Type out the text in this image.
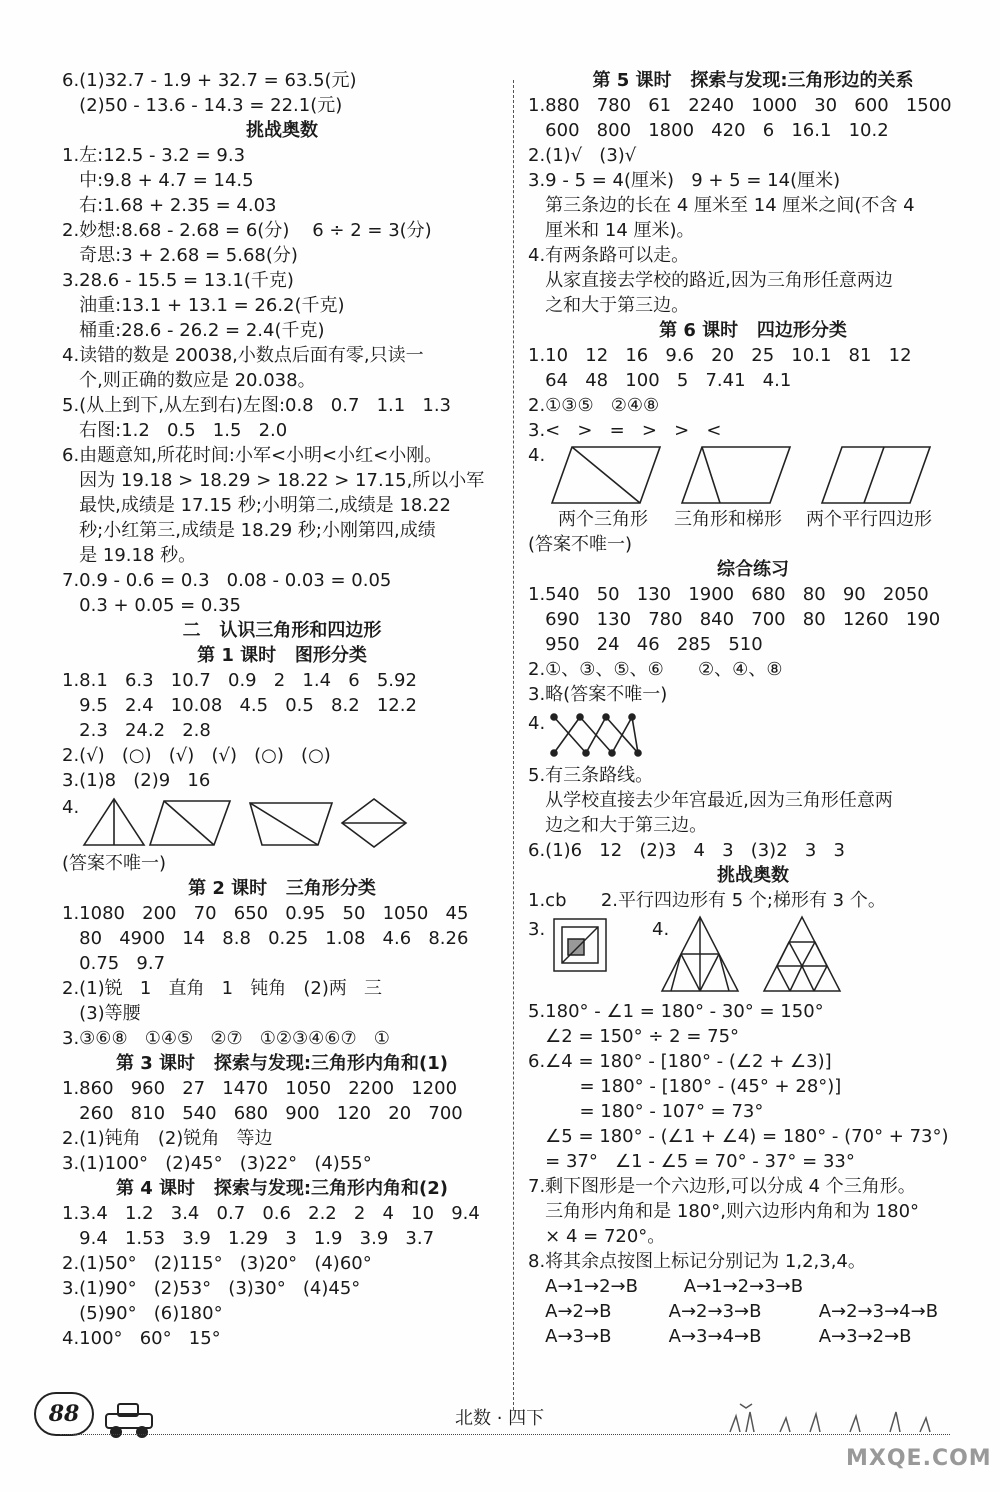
6.(1)32.7 - 1.9 + 32.7 = 63.5(元)
(2)50 - 13.6 - 14.3 = 22.1(元)
挑战奥数
1.左:12.5 - 3.2 = 9.3
中:9.8 + 4.7 = 14.5
右:1.68 + 2.35 = 4.03
2.妙想:8.68 - 2.68 = 6(分)    6 ÷ 2 = 3(分)
奇思:3 + 2.68 = 5.68(分)
3.28.6 - 15.5 = 13.1(千克)
油重:13.1 + 13.1 = 26.2(千克)
桶重:28.6 - 26.2 = 2.4(千克)
4.读错的数是 20038,小数点后面有零,只读一
个,则正确的数应是 20.038。
5.(从上到下,从左到右)左图:0.8   0.7   1.1   1.3
右图:1.2   0.5   1.5   2.0
6.由题意知,所花时间:小军<小明<小红<小刚。
因为 19.18 > 18.29 > 18.22 > 17.15,所以小军
最快,成绩是 17.15 秒;小明第二,成绩是 18.22
秒;小红第三,成绩是 18.29 秒;小刚第四,成绩
是 19.18 秒。
7.0.9 - 0.6 = 0.3   0.08 - 0.03 = 0.05
0.3 + 0.05 = 0.35
二   认识三角形和四边形
第 1 课时   图形分类
1.8.1   6.3   10.7   0.9   2   1.4   6   5.92
9.5   2.4   10.08   4.5   0.5   8.2   12.2
2.3   24.2   2.8
2.(√)   (○)   (√)   (√)   (○)   (○)
3.(1)8   (2)9   16
4.
(答案不唯一)
第 2 课时   三角形分类
1.1080   200   70   650   0.95   50   1050   45
80   4900   14   8.8   0.25   1.08   4.6   8.26
0.75   9.7
2.(1)锐   1   直角   1   钝角   (2)两   三
(3)等腰
3.③⑥⑧   ①④⑤   ②⑦   ①②③④⑥⑦   ①
第 3 课时   探索与发现:三角形内角和(1)
1.860   960   27   1470   1050   2200   1200
260   810   540   680   900   120   20   700
2.(1)钝角   (2)锐角   等边
3.(1)100°   (2)45°   (3)22°   (4)55°
第 4 课时   探索与发现:三角形内角和(2)
1.3.4   1.2   3.4   0.7   0.6   2.2   2   4   10   9.4
9.4   1.53   3.9   1.29   3   1.9   3.9   3.7
2.(1)50°   (2)115°   (3)20°   (4)60°
3.(1)90°   (2)53°   (3)30°   (4)45°
(5)90°   (6)180°
4.100°   60°   15°
第 5 课时   探索与发现:三角形边的关系
1.880   780   61   2240   1000   30   600   1500
600   800   1800   420   6   16.1   10.2
2.(1)√   (3)√
3.9 - 5 = 4(厘米)   9 + 5 = 14(厘米)
第三条边的长在 4 厘米至 14 厘米之间(不含 4
厘米和 14 厘米)。
4.有两条路可以走。
从家直接去学校的路近,因为三角形任意两边
之和大于第三边。
第 6 课时   四边形分类
1.10   12   16   9.6   20   25   10.1   81   12
64   48   100   5   7.41   4.1
2.①③⑤   ②④⑧
3.<   >   =   >   >   <
4.
两个三角形 三角形和梯形 两个平行四边形
(答案不唯一)
综合练习
1.540   50   130   1900   680   80   90   2050
690   130   780   840   700   80   1260   190
950   24   46   285   510
2.①、③、⑤、⑥      ②、④、⑧
3.略(答案不唯一)
4.
5.有三条路线。
从学校直接去少年宫最近,因为三角形任意两
边之和大于第三边。
6.(1)6   12   (2)3   4   3   (3)2   3   3
挑战奥数
1.cb      2.平行四边形有 5 个;梯形有 3 个。
3.	4.
5.180° - ∠1 = 180° - 30° = 150°
∠2 = 150° ÷ 2 = 75°
6.∠4 = 180° - [180° - (∠2 + ∠3)]
= 180° - [180° - (45° + 28°)]
= 180° - 107° = 73°
∠5 = 180° - (∠1 + ∠4) = 180° - (70° + 73°)
= 37°   ∠1 - ∠5 = 70° - 37° = 33°
7.剩下图形是一个六边形,可以分成 4 个三角形。
三角形内角和是 180°,则六边形内角和为 180°
× 4 = 720°。
8.将其余点按图上标记分别记为 1,2,3,4。
A→1→2→B        A→1→2→3→B
A→2→B          A→2→3→B          A→2→3→4→B
A→3→B          A→3→4→B          A→3→2→B
88	北数 · 四下
MXQE.COM
